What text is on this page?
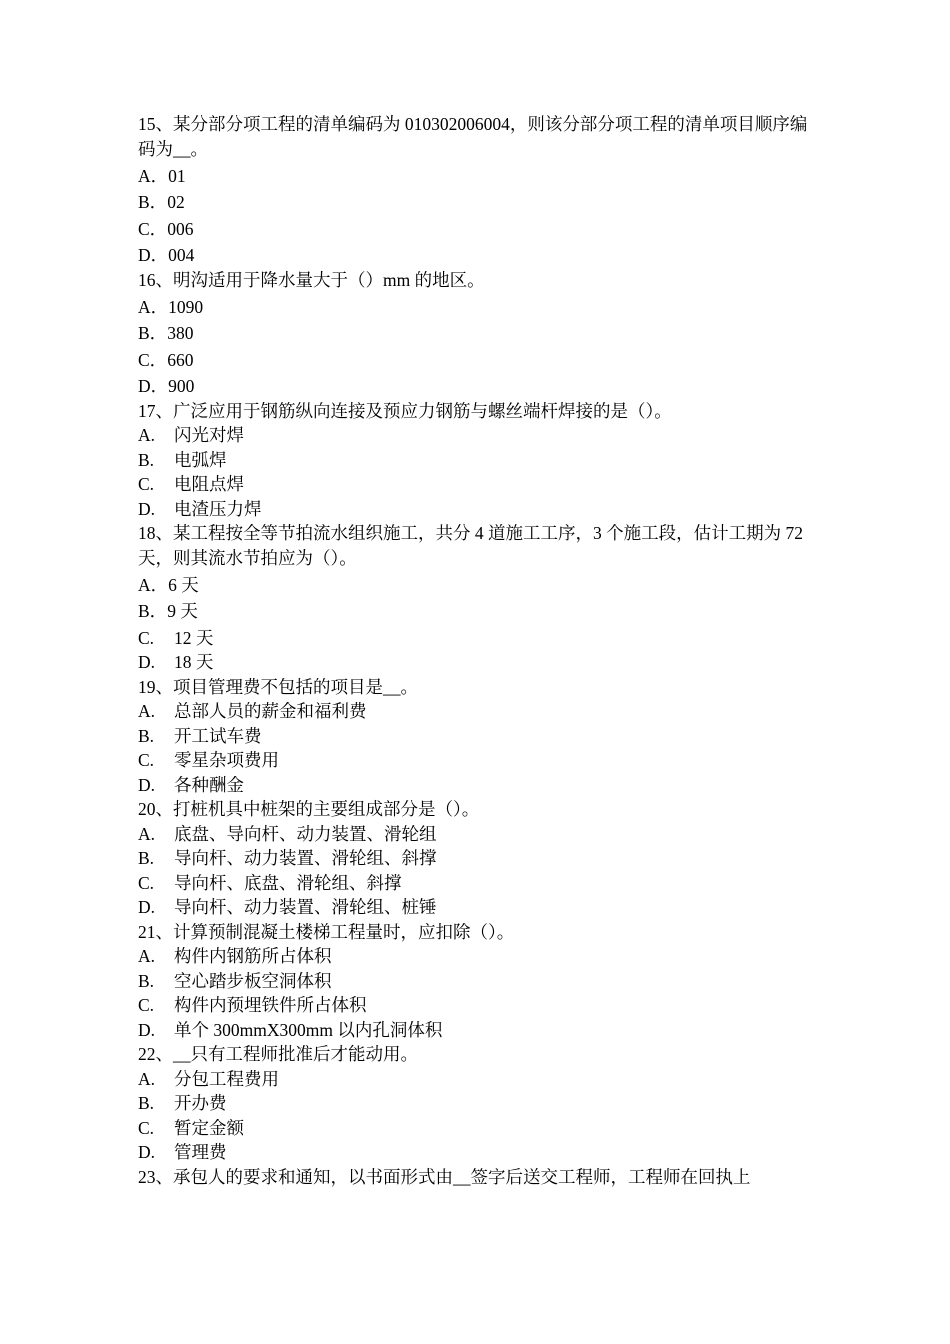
15、某分部分项工程的清单编码为 010302006004，则该分部分项工程的清单项目顺序编码为__。

A．01

B．02

C．006

D．004

16、明沟适用于降水量大于（）mm 的地区。

A．1090

B．380

C．660

D．900

17、广泛应用于钢筋纵向连接及预应力钢筋与螺丝端杆焊接的是（）。

A. 闪光对焊

B. 电弧焊

C. 电阻点焊

D. 电渣压力焊

18、某工程按全等节拍流水组织施工，共分 4 道施工工序，3 个施工段，估计工期为 72 天，则其流水节拍应为（）。

A．6 天

B．9 天

C. 12 天

D. 18 天

19、项目管理费不包括的项目是__。

A. 总部人员的薪金和福利费

B. 开工试车费

C. 零星杂项费用

D. 各种酬金

20、打桩机具中桩架的主要组成部分是（）。

A. 底盘、导向杆、动力装置、滑轮组

B. 导向杆、动力装置、滑轮组、斜撑

C. 导向杆、底盘、滑轮组、斜撑

D. 导向杆、动力装置、滑轮组、桩锤

21、计算预制混凝土楼梯工程量时，应扣除（）。

A. 构件内钢筋所占体积

B. 空心踏步板空洞体积

C. 构件内预埋铁件所占体积

D. 单个 300mmX300mm 以内孔洞体积

22、__只有工程师批准后才能动用。

A. 分包工程费用

B. 开办费

C. 暂定金额

D. 管理费

23、承包人的要求和通知，以书面形式由__签字后送交工程师，工程师在回执上
